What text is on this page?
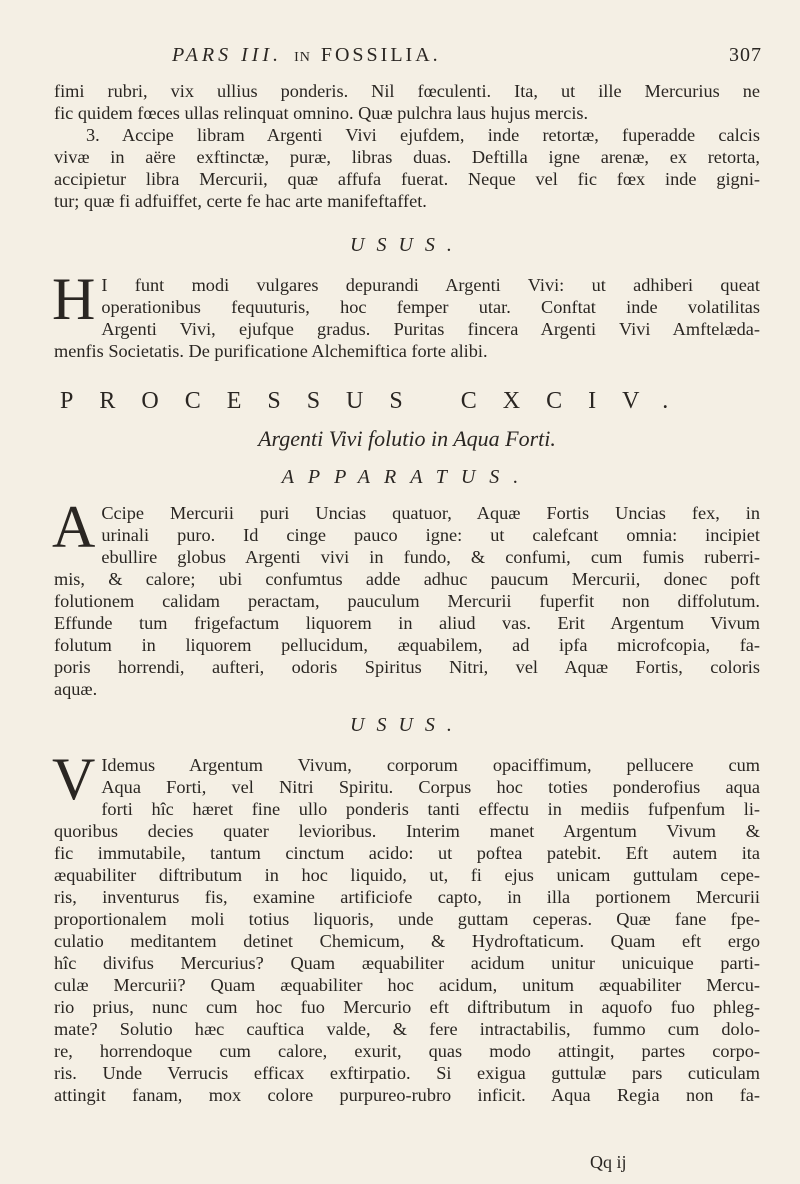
PARS III. IN FOSSILIA.	307

fimi rubri, vix ullius ponderis. Nil fœculenti. Ita, ut ille Mercurius ne

fic quidem fœces ullas relinquat omnino. Quæ pulchra laus hujus mercis.

3. Accipe libram Argenti Vivi ejufdem, inde retortæ, fuperadde calcis

vivæ in aëre exftinctæ, puræ, libras duas. Deftilla igne arenæ, ex retorta,

accipietur libra Mercurii, quæ affufa fuerat. Neque vel fic fœx inde gigni-

tur; quæ fi adfuiffet, certe fe hac arte manifeftaffet.

USUS.
H I funt modi vulgares depurandi Argenti Vivi: ut adhiberi queat

operationibus fequuturis, hoc femper utar. Conftat inde volatilitas

Argenti Vivi, ejufque gradus. Puritas fincera Argenti Vivi Amftelæda-

menfis Societatis. De purificatione Alchemiftica forte alibi.

PROCESSUS CXCIV.
Argenti Vivi folutio in Aqua Forti.
APPARATUS.
A Ccipe Mercurii puri Uncias quatuor, Aquæ Fortis Uncias fex, in

urinali puro. Id cinge pauco igne: ut calefcant omnia: incipiet

ebullire globus Argenti vivi in fundo, & confumi, cum fumis ruberri-

mis, & calore; ubi confumtus adde adhuc paucum Mercurii, donec poft

folutionem calidam peractam, pauculum Mercurii fuperfit non diffolutum.

Effunde tum frigefactum liquorem in aliud vas. Erit Argentum Vivum

folutum in liquorem pellucidum, æquabilem, ad ipfa microfcopia, fa-

poris horrendi, aufteri, odoris Spiritus Nitri, vel Aquæ Fortis, coloris

aquæ.

USUS.
V Idemus Argentum Vivum, corporum opaciffimum, pellucere cum

Aqua Forti, vel Nitri Spiritu. Corpus hoc toties ponderofius aqua

forti hîc hæret fine ullo ponderis tanti effectu in mediis fufpenfum li-

quoribus decies quater levioribus. Interim manet Argentum Vivum &

fic immutabile, tantum cinctum acido: ut poftea patebit. Eft autem ita

æquabiliter diftributum in hoc liquido, ut, fi ejus unicam guttulam cepe-

ris, inventurus fis, examine artificiofe capto, in illa portionem Mercurii

proportionalem moli totius liquoris, unde guttam ceperas. Quæ fane fpe-

culatio meditantem detinet Chemicum, & Hydroftaticum. Quam eft ergo

hîc divifus Mercurius? Quam æquabiliter acidum unitur unicuique parti-

culæ Mercurii? Quam æquabiliter hoc acidum, unitum æquabiliter Mercu-

rio prius, nunc cum hoc fuo Mercurio eft diftributum in aquofo fuo phleg-

mate? Solutio hæc cauftica valde, & fere intractabilis, fummo cum dolo-

re, horrendoque cum calore, exurit, quas modo attingit, partes corpo-

ris. Unde Verrucis efficax exftirpatio. Si exigua guttulæ pars cuticulam

attingit fanam, mox colore purpureo-rubro inficit. Aqua Regia non fa-

Qq ij
